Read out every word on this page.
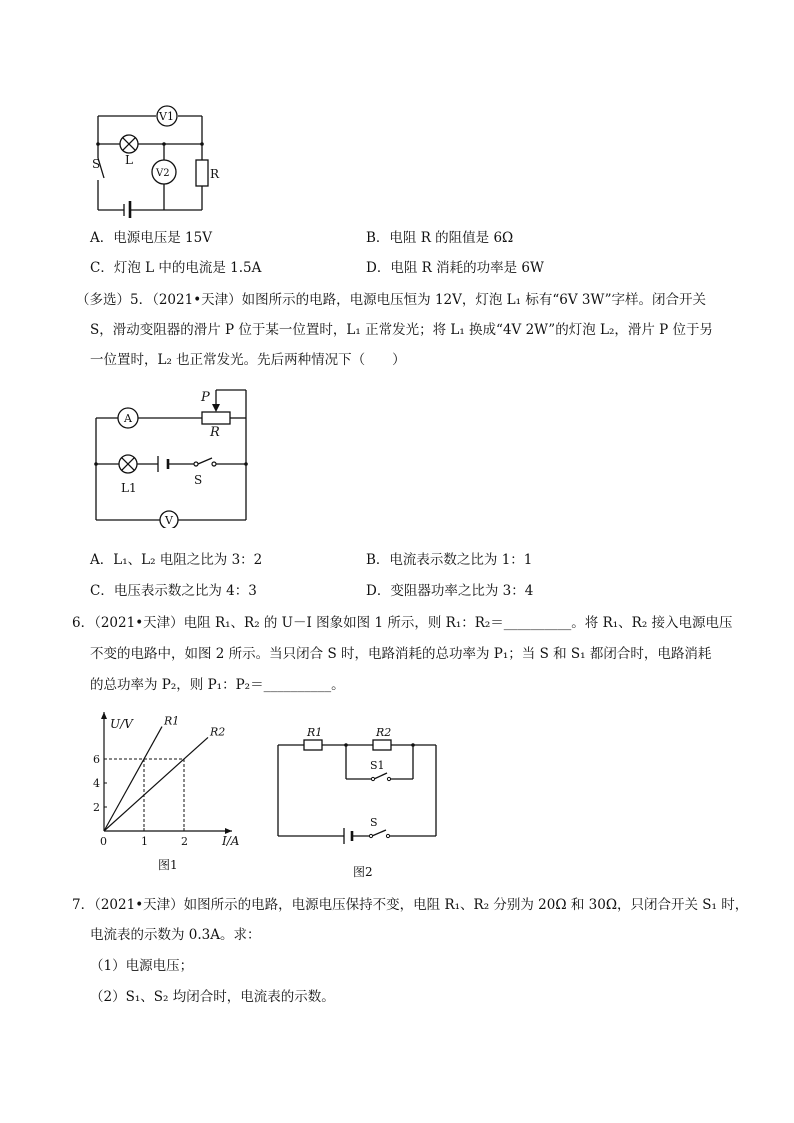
V1
V2
L
S
R
A．电源电压是 15V	B．电阻 R 的阻值是 6Ω
C．灯泡 L 中的电流是 1.5A	D．电阻 R 消耗的功率是 6W
（多选）5．（2021•天津）如图所示的电路，电源电压恒为 12V，灯泡 L₁ 标有“6V 3W”字样。闭合开关
S，滑动变阻器的滑片 P 位于某一位置时，L₁ 正常发光；将 L₁ 换成“4V 2W”的灯泡 L₂，滑片 P 位于另
一位置时，L₂ 也正常发光。先后两种情况下（　　）
A
V
P
R
L1
S
A．L₁、L₂ 电阻之比为 3：2	B．电流表示数之比为 1：1
C．电压表示数之比为 4：3	D．变阻器功率之比为 3：4
6．（2021•天津）电阻 R₁、R₂ 的 U－I 图象如图 1 所示，则 R₁：R₂＝__________。将 R₁、R₂ 接入电源电压
不变的电路中，如图 2 所示。当只闭合 S 时，电路消耗的总功率为 P₁；当 S 和 S₁ 都闭合时，电路消耗
的总功率为 P₂，则 P₁：P₂＝__________。
0	1	2
2
4
6
R1
R2
U/V
I/A
图1
R1	R2
S1
S
图2
7．（2021•天津）如图所示的电路，电源电压保持不变，电阻 R₁、R₂ 分别为 20Ω 和 30Ω，只闭合开关 S₁ 时，
电流表的示数为 0.3A。求：
（1）电源电压；
（2）S₁、S₂ 均闭合时，电流表的示数。
